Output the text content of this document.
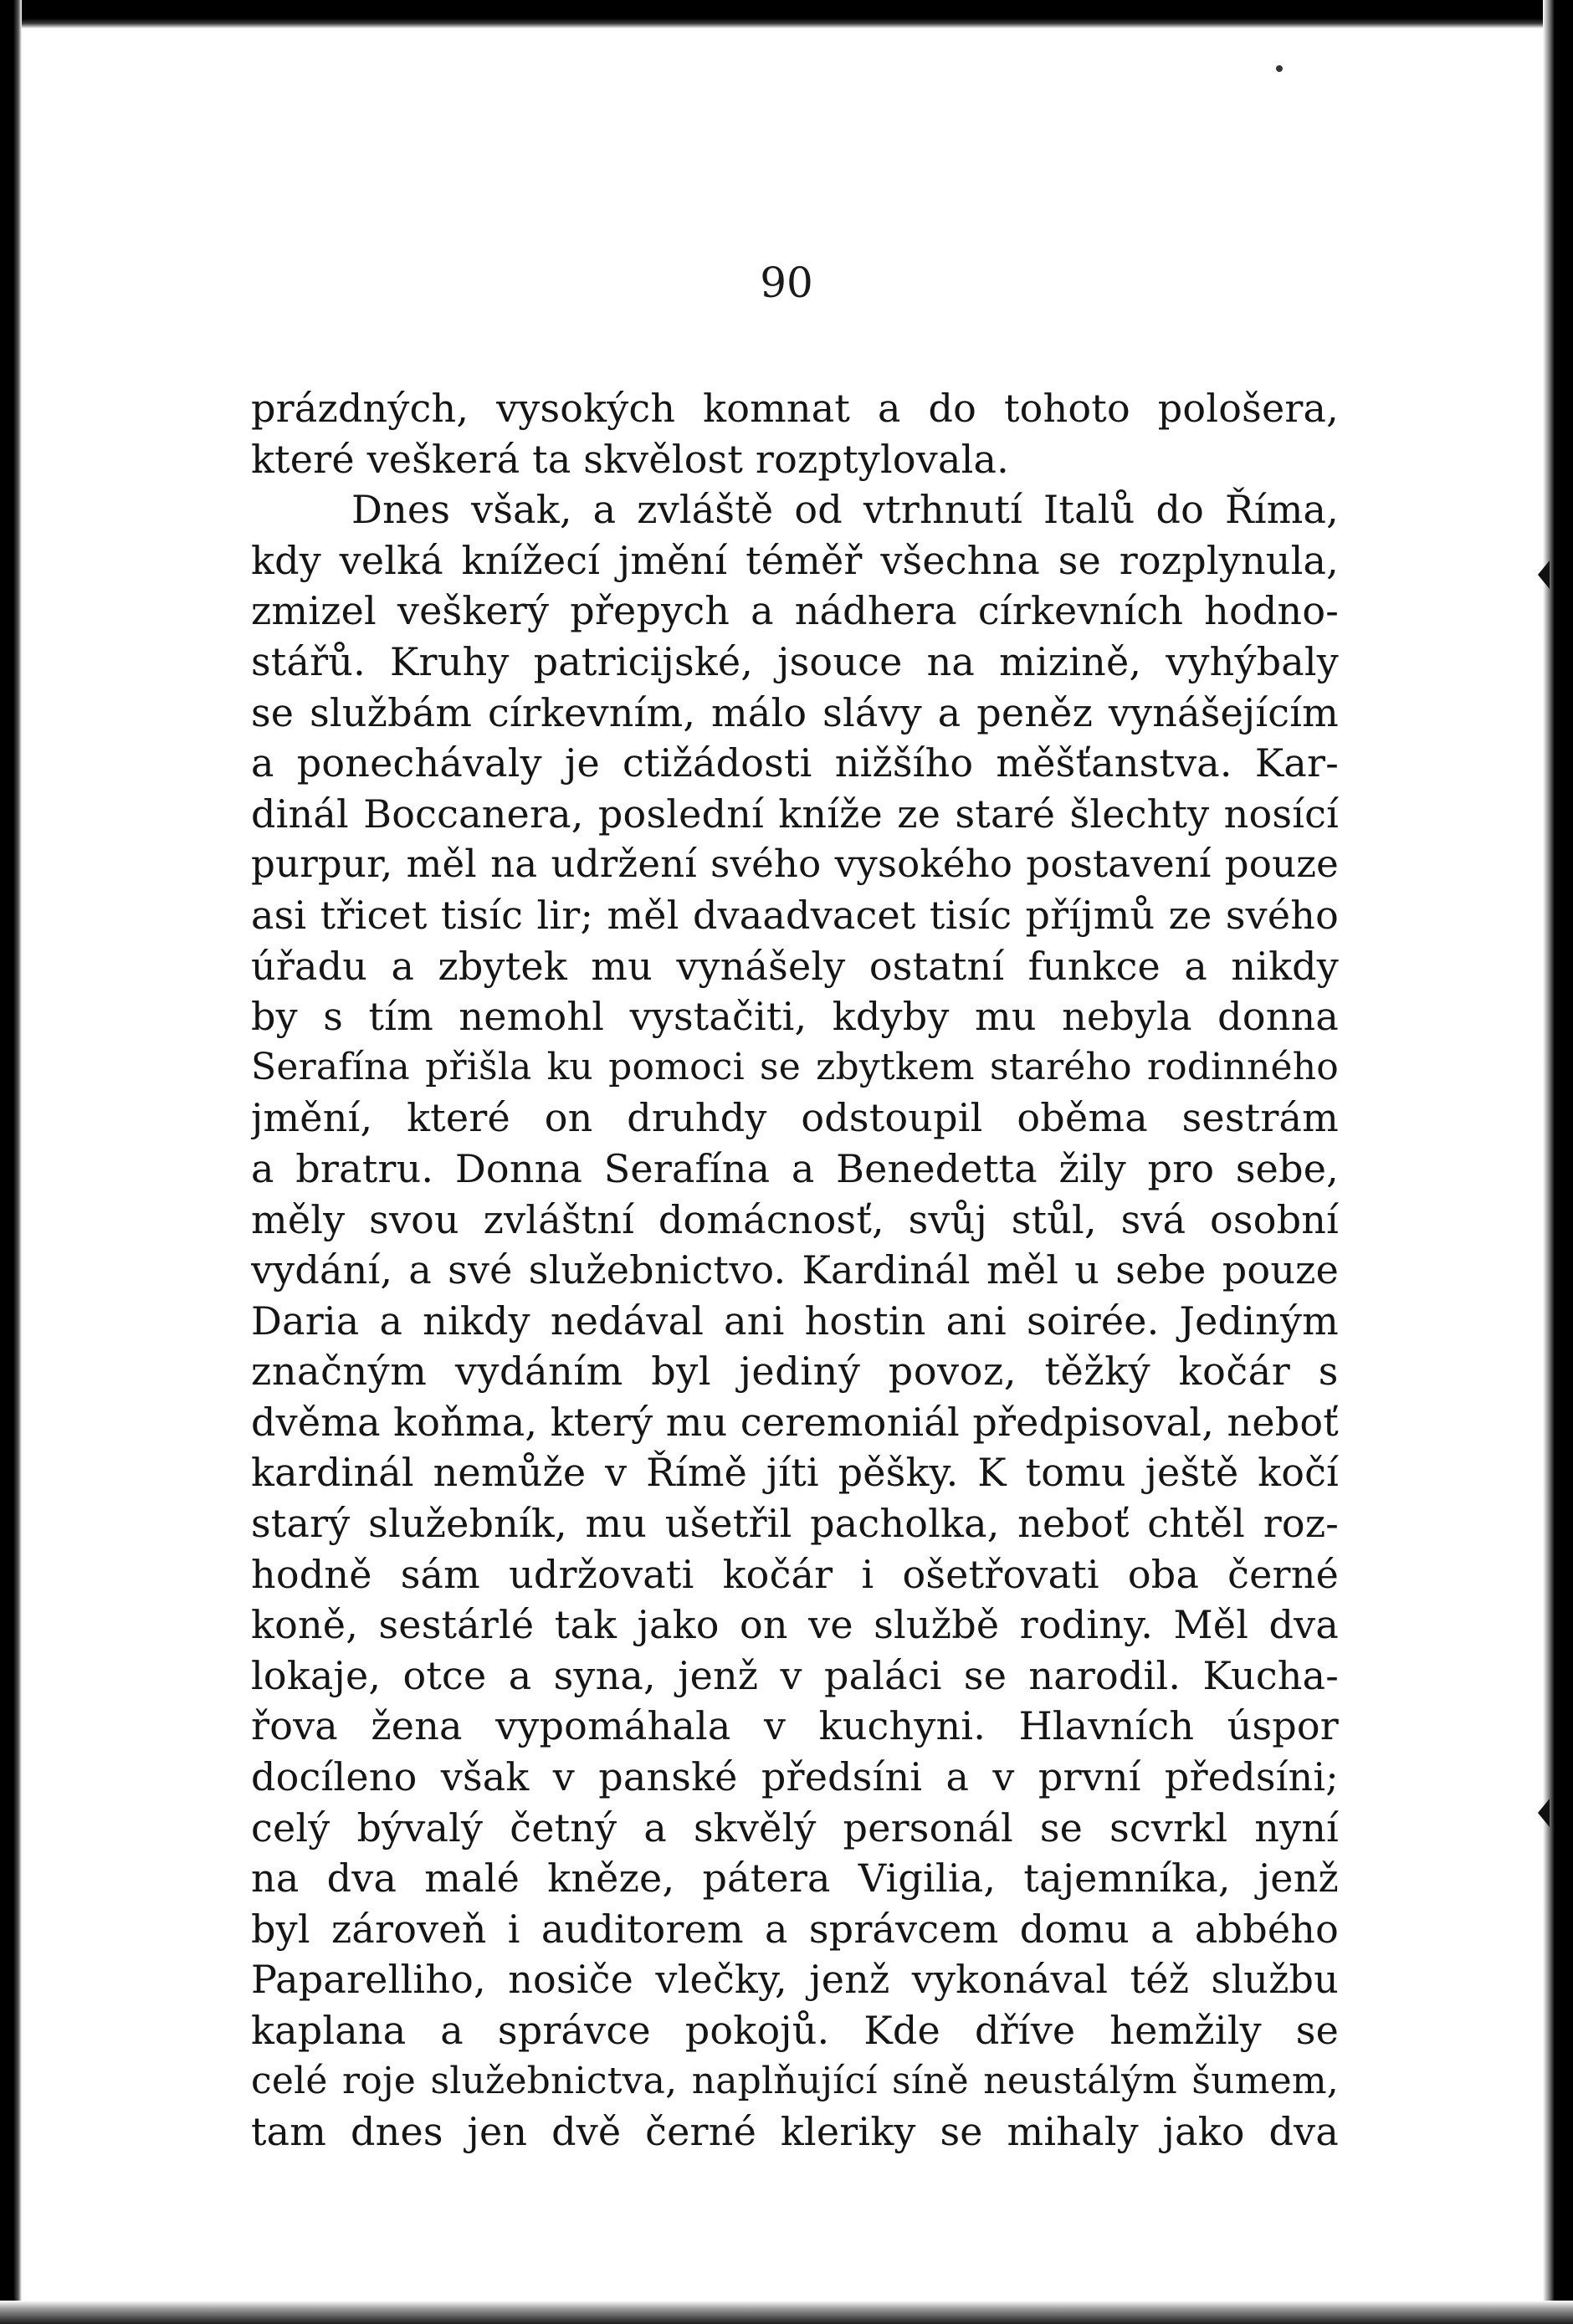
90
prázdných, vysokých komnat a do tohoto pološera,
které veškerá ta skvělost rozptylovala.
Dnes však, a zvláště od vtrhnutí Italů do Říma,
kdy velká knížecí jmění téměř všechna se rozplynula,
zmizel veškerý přepych a nádhera církevních hodno-
stářů. Kruhy patricijské, jsouce na mizině, vyhýbaly
se službám církevním, málo slávy a peněz vynášejícím
a ponechávaly je ctižádosti nižšího měšťanstva. Kar-
dinál Boccanera, poslední kníže ze staré šlechty nosící
purpur, měl na udržení svého vysokého postavení pouze
asi třicet tisíc lir; měl dvaadvacet tisíc příjmů ze svého
úřadu a zbytek mu vynášely ostatní funkce a nikdy
by s tím nemohl vystačiti, kdyby mu nebyla donna
Serafína přišla ku pomoci se zbytkem starého rodinného
jmění, které on druhdy odstoupil oběma sestrám
a bratru. Donna Serafína a Benedetta žily pro sebe,
měly svou zvláštní domácnosť, svůj stůl, svá osobní
vydání, a své služebnictvo. Kardinál měl u sebe pouze
Daria a nikdy nedával ani hostin ani soirée. Jediným
značným vydáním byl jediný povoz, těžký kočár s
dvěma koňma, který mu ceremoniál předpisoval, neboť
kardinál nemůže v Římě jíti pěšky. K tomu ještě kočí
starý služebník, mu ušetřil pacholka, neboť chtěl roz-
hodně sám udržovati kočár i ošetřovati oba černé
koně, sestárlé tak jako on ve službě rodiny. Měl dva
lokaje, otce a syna, jenž v paláci se narodil. Kucha-
řova žena vypomáhala v kuchyni. Hlavních úspor
docíleno však v panské předsíni a v první předsíni;
celý bývalý četný a skvělý personál se scvrkl nyní
na dva malé kněze, pátera Vigilia, tajemníka, jenž
byl zároveň i auditorem a správcem domu a abbého
Paparelliho, nosiče vlečky, jenž vykonával též službu
kaplana a správce pokojů. Kde dříve hemžily se
celé roje služebnictva, naplňující síně neustálým šumem,
tam dnes jen dvě černé kleriky se mihaly jako dva
